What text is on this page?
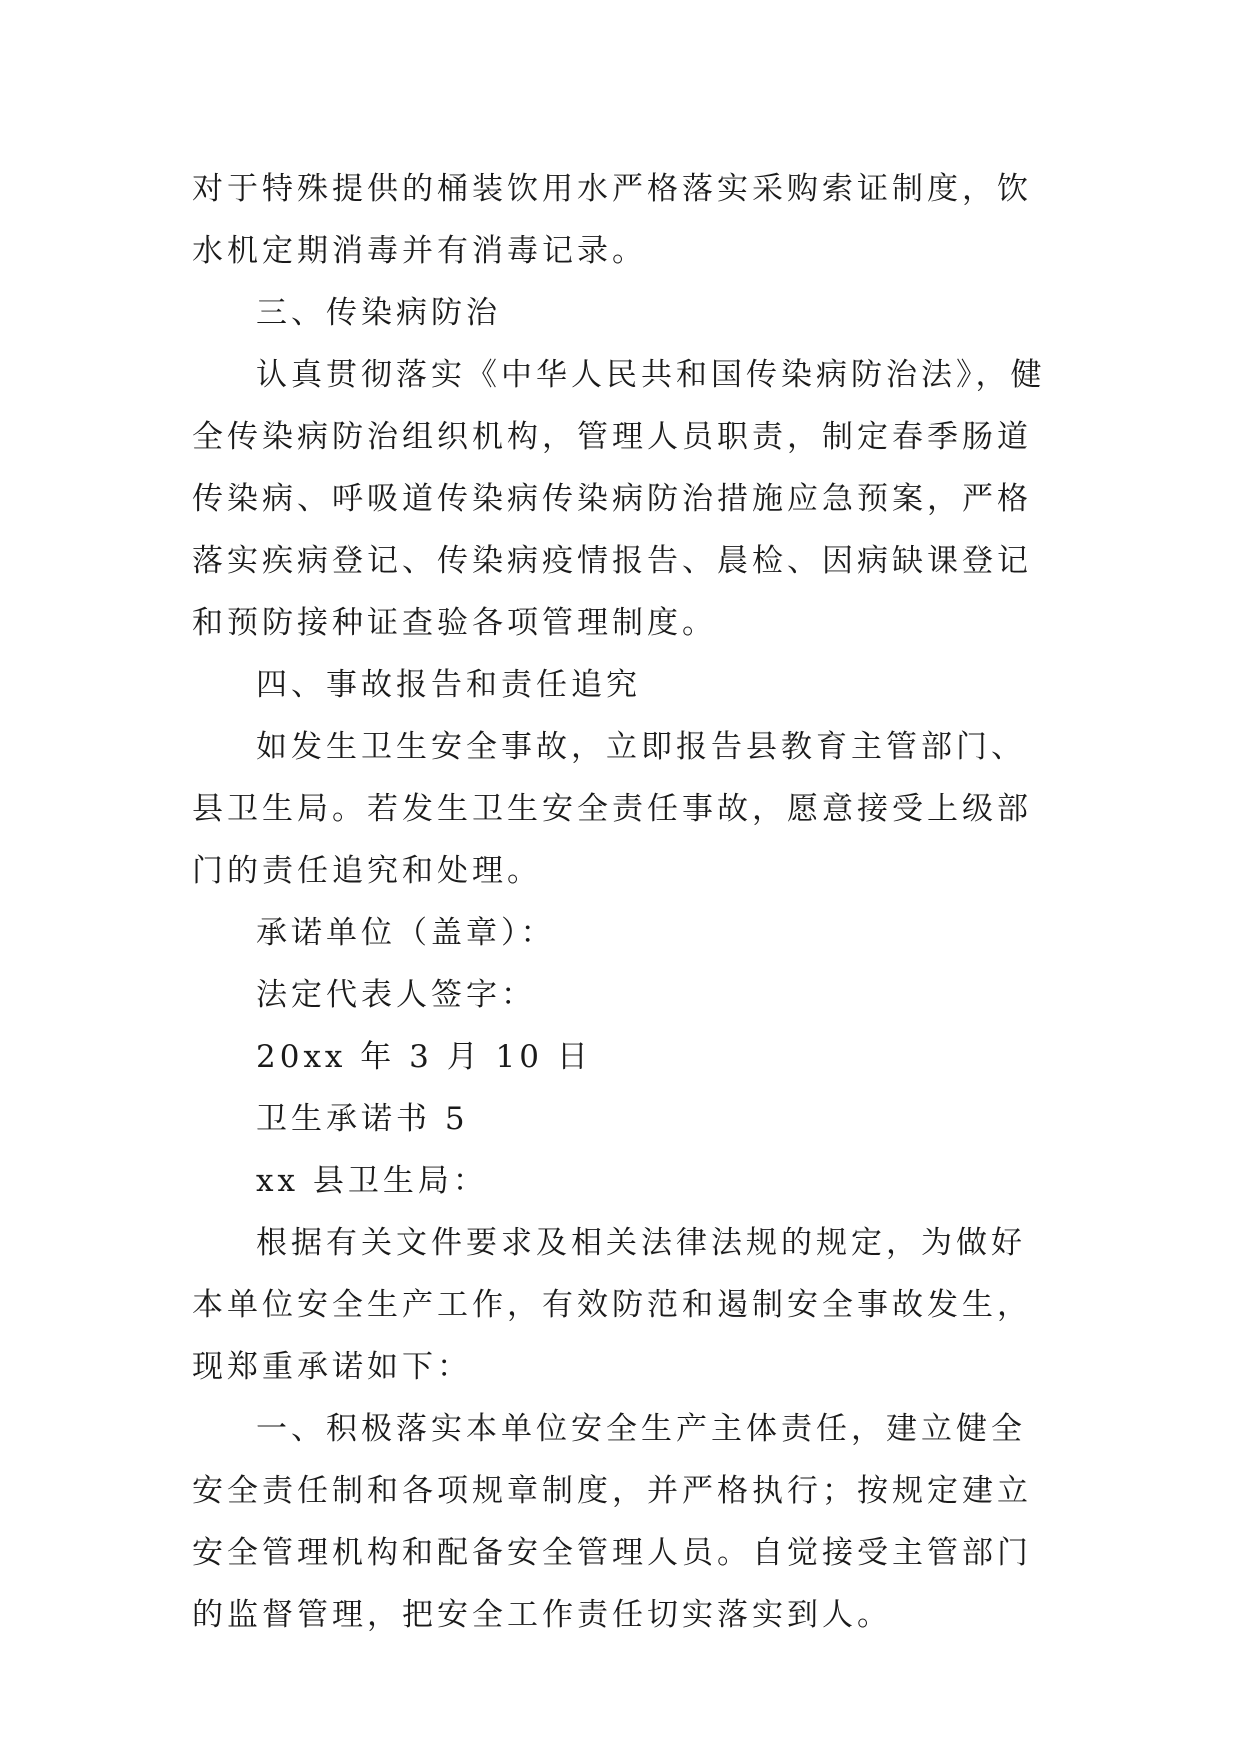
对于特殊提供的桶装饮用水严格落实采购索证制度，饮水机定期消毒并有消毒记录。

三、传染病防治

认真贯彻落实《中华人民共和国传染病防治法》，健全传染病防治组织机构，管理人员职责，制定春季肠道传染病、呼吸道传染病传染病防治措施应急预案，严格落实疾病登记、传染病疫情报告、晨检、因病缺课登记和预防接种证查验各项管理制度。

四、事故报告和责任追究

如发生卫生安全事故，立即报告县教育主管部门、县卫生局。若发生卫生安全责任事故，愿意接受上级部门的责任追究和处理。

承诺单位（盖章）：

法定代表人签字：

20xx 年 3 月 10 日

卫生承诺书 5

xx 县卫生局：

根据有关文件要求及相关法律法规的规定，为做好本单位安全生产工作，有效防范和遏制安全事故发生，现郑重承诺如下：

一、积极落实本单位安全生产主体责任，建立健全安全责任制和各项规章制度，并严格执行；按规定建立安全管理机构和配备安全管理人员。自觉接受主管部门的监督管理，把安全工作责任切实落实到人。
